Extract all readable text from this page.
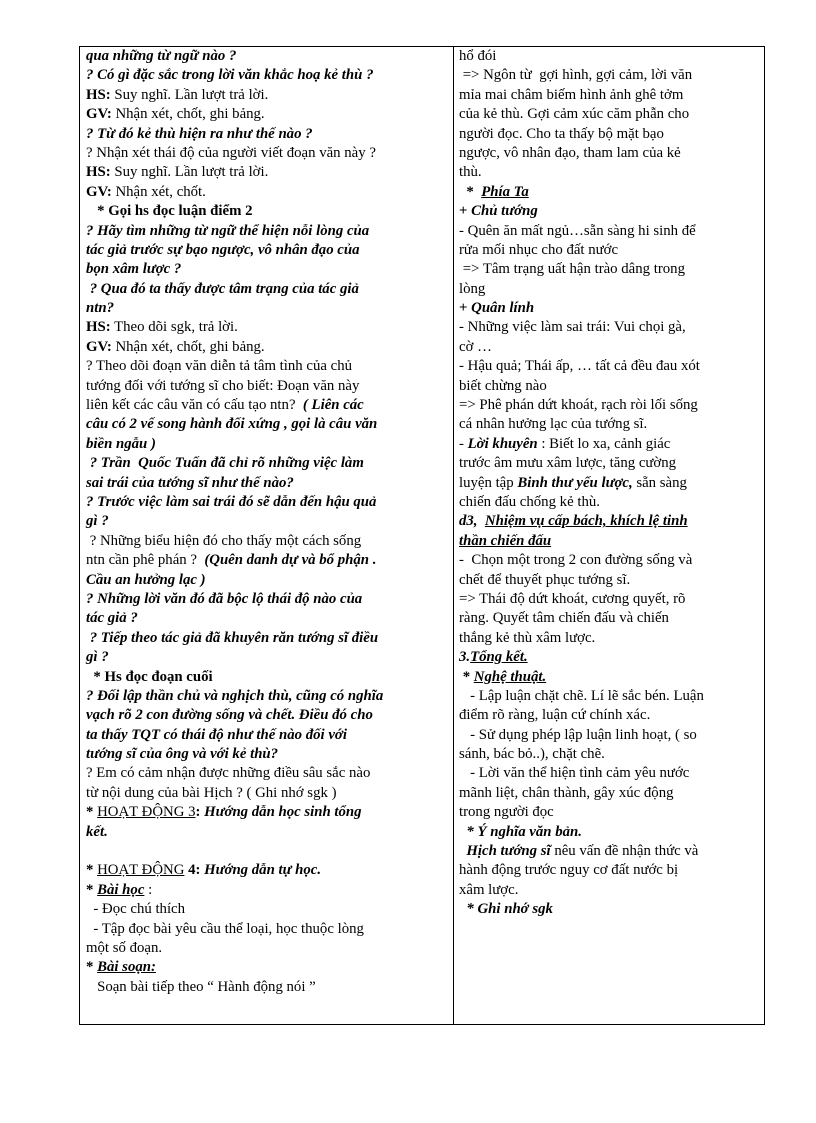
qua những từ ngữ nào ?
? Có gì đặc sắc trong lời văn khắc hoạ kẻ thù ?
HS: Suy nghĩ. Lần lượt trả lời.
GV: Nhận xét, chốt, ghi bảng.
? Từ đó kẻ thù hiện ra như thế nào ?
? Nhận xét thái độ của người viết đoạn văn này ?
HS: Suy nghĩ. Lần lượt trả lời.
GV: Nhận xét, chốt.
* Gọi hs đọc luận điểm 2
? Hãy tìm những từ ngữ thể hiện nỗi lòng của
tác giả trước sự bạo ngược, vô nhân đạo của
bọn xâm lược ?
? Qua đó ta thấy được tâm trạng của tác giả
ntn?
HS: Theo dõi sgk, trả lời.
GV: Nhận xét, chốt, ghi bảng.
? Theo dõi đoạn văn diễn tả tâm tình của chủ
tướng đối với tướng sĩ cho biết: Đoạn văn này
liên kết các câu văn có cấu tạo ntn?  ( Liên các
câu có 2 vế song hành đối xứng , gọi là câu văn
biền ngẫu )
? Trần  Quốc Tuấn đã chỉ rõ những việc làm
sai trái của tướng sĩ như thế nào?
? Trước việc làm sai trái đó sẽ dẫn đến hậu quả
gì ?
? Những biểu hiện đó cho thấy một cách sống
ntn cần phê phán ?  (Quên danh dự và bổ phận .
Cầu an hưởng lạc )
? Những lời văn đó đã bộc lộ thái độ nào của
tác giả ?
? Tiếp theo tác giả đã khuyên răn tướng sĩ điều
gì ?
* Hs đọc đoạn cuối
? Đối lập thần chủ và nghịch thù, cũng có nghĩa
vạch rõ 2 con đường sống và chết. Điều đó cho
ta thấy TQT có thái độ như thế nào đối với
tướng sĩ của ông và với kẻ thù?
? Em có cảm nhận được những điều sâu sắc nào
từ nội dung của bài Hịch ? ( Ghi nhớ sgk )
* HOẠT ĐỘNG 3: Hướng dẫn học sinh tổng
kết.
* HOẠT ĐỘNG 4: Hướng dẫn tự học.
* Bài học :
- Đọc chú thích
- Tập đọc bài yêu cầu thể loại, học thuộc lòng
một số đoạn.
* Bài soạn:
Soạn bài tiếp theo “ Hành động nói ”
hổ đói
=> Ngôn từ  gợi hình, gợi cảm, lời văn
mỉa mai châm biếm hình ảnh ghê tởm
của kẻ thù. Gợi cảm xúc căm phẫn cho
người đọc. Cho ta thấy bộ mặt bạo
ngược, vô nhân đạo, tham lam của kẻ
thù.
*  Phía Ta
+ Chủ tướng
- Quên ăn mất ngủ…sẵn sàng hi sinh để
rửa mối nhục cho đất nước
=> Tâm trạng uất hận trào dâng trong
lòng
+ Quân lính
- Những việc làm sai trái: Vui chọi gà,
cờ …
- Hậu quả; Thái ấp, … tất cả đều đau xót
biết chừng nào
=> Phê phán dứt khoát, rạch ròi lối sống
cá nhân hưởng lạc của tướng sĩ.
- Lời khuyên : Biết lo xa, cảnh giác
trước âm mưu xâm lược, tăng cường
luyện tập Binh thư yếu lược, sẵn sàng
chiến đấu chống kẻ thù.
d3,  Nhiệm vụ cấp bách, khích lệ tinh
thần chiến đấu
-  Chọn một trong 2 con đường sống và
chết để thuyết phục tướng sĩ.
=> Thái độ dứt khoát, cương quyết, rõ
ràng. Quyết tâm chiến đấu và chiến
thắng kẻ thù xâm lược.
3.Tổng kết.
* Nghệ thuật.
- Lập luận chặt chẽ. Lí lẽ sắc bén. Luận
điểm rõ ràng, luận cứ chính xác.
- Sử dụng phép lập luận linh hoạt, ( so
sánh, bác bỏ..), chặt chẽ.
- Lời văn thể hiện tình cảm yêu nước
mãnh liệt, chân thành, gây xúc động
trong người đọc
* Ý nghĩa văn bản.
Hịch tướng sĩ nêu vấn đề nhận thức và
hành động trước nguy cơ đất nước bị
xâm lược.
* Ghi nhớ sgk
